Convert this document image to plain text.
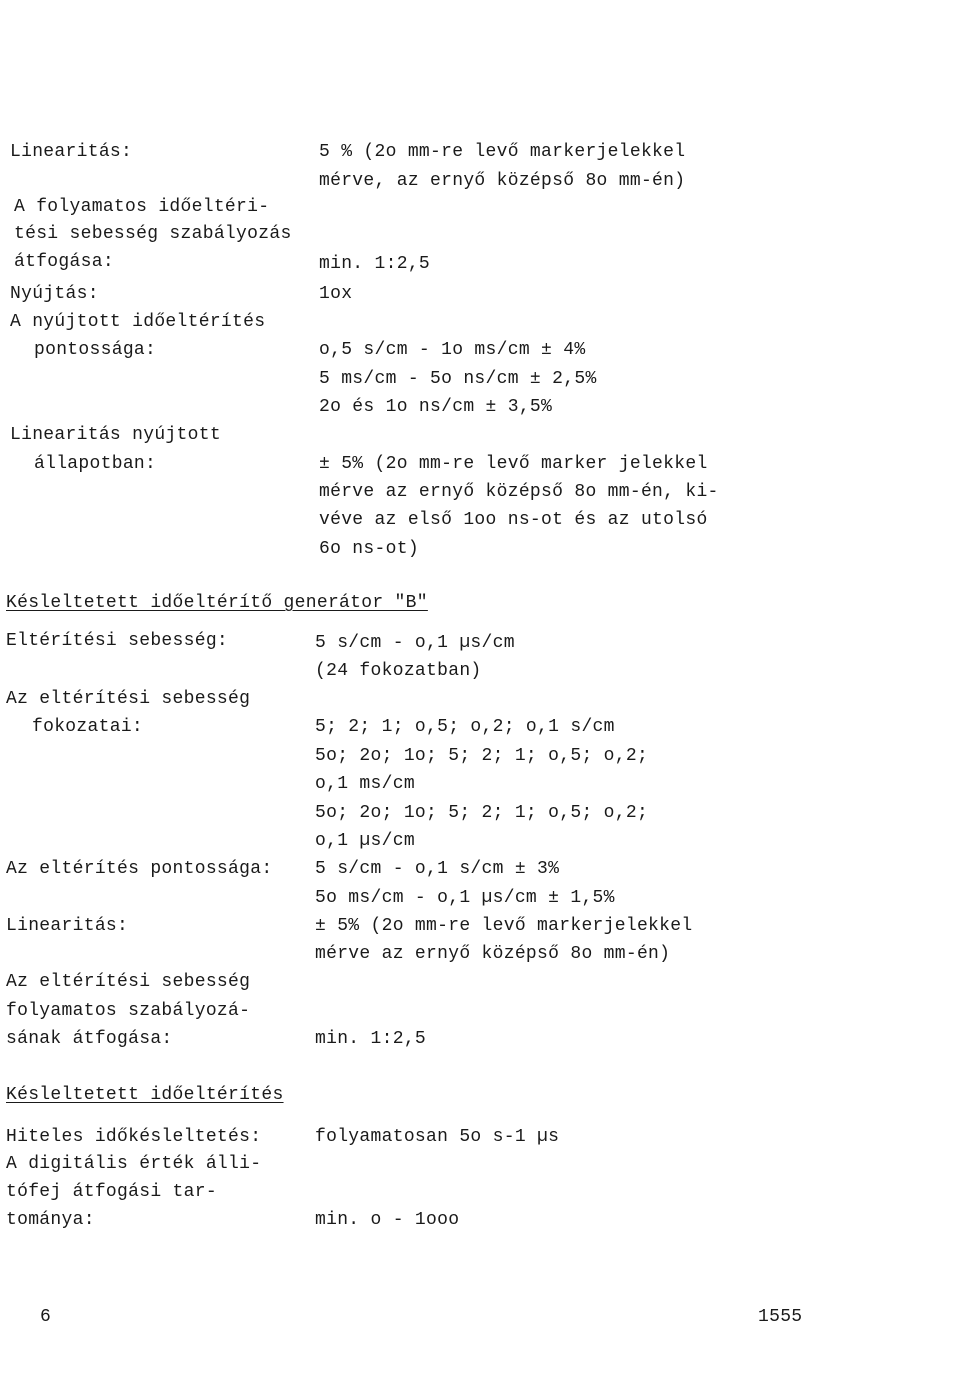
Linearitás:	5 % (2o mm-re levő markerjelekkel
mérve, az ernyő középső 8o mm-én)
A folyamatos időeltéri-
tési sebesség szabályozás
átfogása:	min. 1:2,5
Nyújtás:	1ox
A nyújtott időeltérítés
pontossága:	o,5 s/cm - 1o ms/cm ± 4%
5 ms/cm - 5o ns/cm ± 2,5%
2o és 1o ns/cm ± 3,5%
Linearitás nyújtott
állapotban:	± 5% (2o mm-re levő marker jelekkel
mérve az ernyő középső 8o mm-én, ki-
véve az első 1oo ns-ot és az utolsó
6o ns-ot)
Késleltetett időeltérítő generátor "B"
Eltérítési sebesség:	5 s/cm - o,1 µs/cm
(24 fokozatban)
Az eltérítési sebesség
fokozatai:	5; 2; 1; o,5; o,2; o,1 s/cm
5o; 2o; 1o; 5; 2; 1; o,5; o,2;
o,1 ms/cm
5o; 2o; 1o; 5; 2; 1; o,5; o,2;
o,1 µs/cm
Az eltérítés pontossága: 5 s/cm - o,1 s/cm ± 3%
5o ms/cm - o,1 µs/cm ± 1,5%
Linearitás:	± 5% (2o mm-re levő markerjelekkel
mérve az ernyő középső 8o mm-én)
Az eltérítési sebesség
folyamatos szabályozá-
sának átfogása:	min. 1:2,5
Késleltetett időeltérítés
Hiteles időkésleltetés:	folyamatosan 5o s-1 µs
A digitális érték álli-
tófej átfogási tar-
tománya:	min. o - 1ooo
6	1555
